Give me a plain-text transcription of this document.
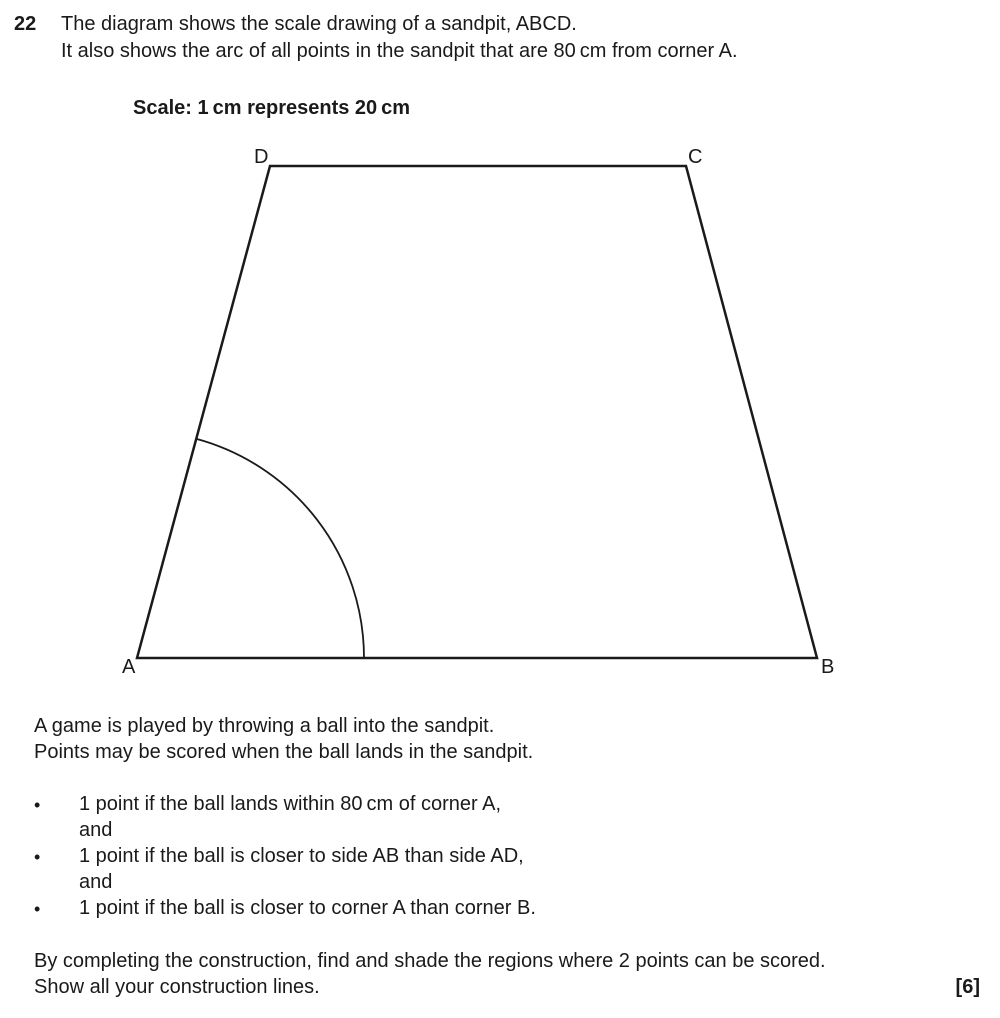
22 The diagram shows the scale drawing of a sandpit, ABCD.
It also shows the arc of all points in the sandpit that are 80 cm from corner A.
Scale: 1 cm represents 20 cm
A	B
C
D
A game is played by throwing a ball into the sandpit.
Points may be scored when the ball lands in the sandpit.
• 1 point if the ball lands within 80 cm of corner A,
and
• 1 point if the ball is closer to side AB than side AD,
and
• 1 point if the ball is closer to corner A than corner B.
By completing the construction, find and shade the regions where 2 points can be scored.
Show all your construction lines.	[6]
